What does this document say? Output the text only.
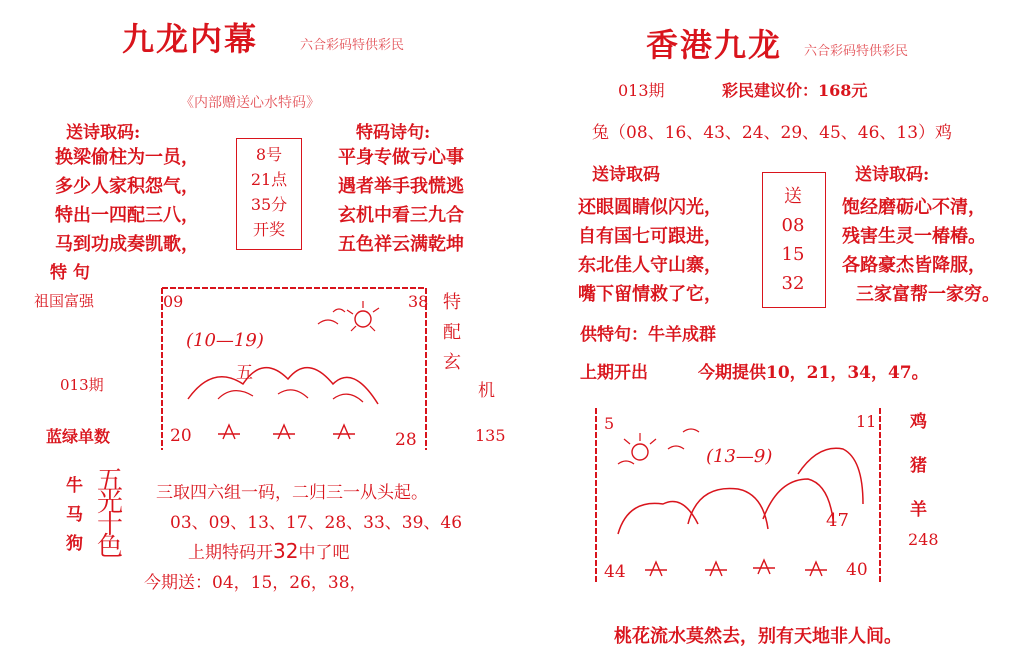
九龙内幕	六合彩码特供彩民
《内部赠送心水特码》
送诗取码:
换梁偷柱为一员，
多少人家积怨气，
特出一四配三八，
马到功成奏凯歌，
特 句
8号
21点
35分
开奖
特码诗句:
平身专做亏心事
遇者举手我慌逃
玄机中看三九合
五色祥云满乾坤
祖国富强
013期
蓝绿单数
09	38
(10—19)
五
20	28
特
配
玄
机
135
牛
马
狗
五
光
十
色
三取四六组一码，二归三一从头起。
03、09、13、17、28、33、39、46
上期特码开32中了吧
今期送：04，15，26，38，
香港九龙 六合彩码特供彩民
013期	彩民建议价：168元
兔（08、16、43、24、29、45、46、13）鸡
送诗取码
还眼圆睛似闪光，
自有国七可跟进，
东北佳人守山寨，
嘴下留情救了它，
送
08
15
32
送诗取码:
饱经磨砺心不清，
残害生灵一椿椿。
各路豪杰皆降服，
三家富帮一家穷。
供特句：牛羊成群
上期开出	今期提供10，21，34，47。
5	11
(13—9)
47
44	40
鸡
猪
羊
248
桃花流水莫然去，别有天地非人间。
